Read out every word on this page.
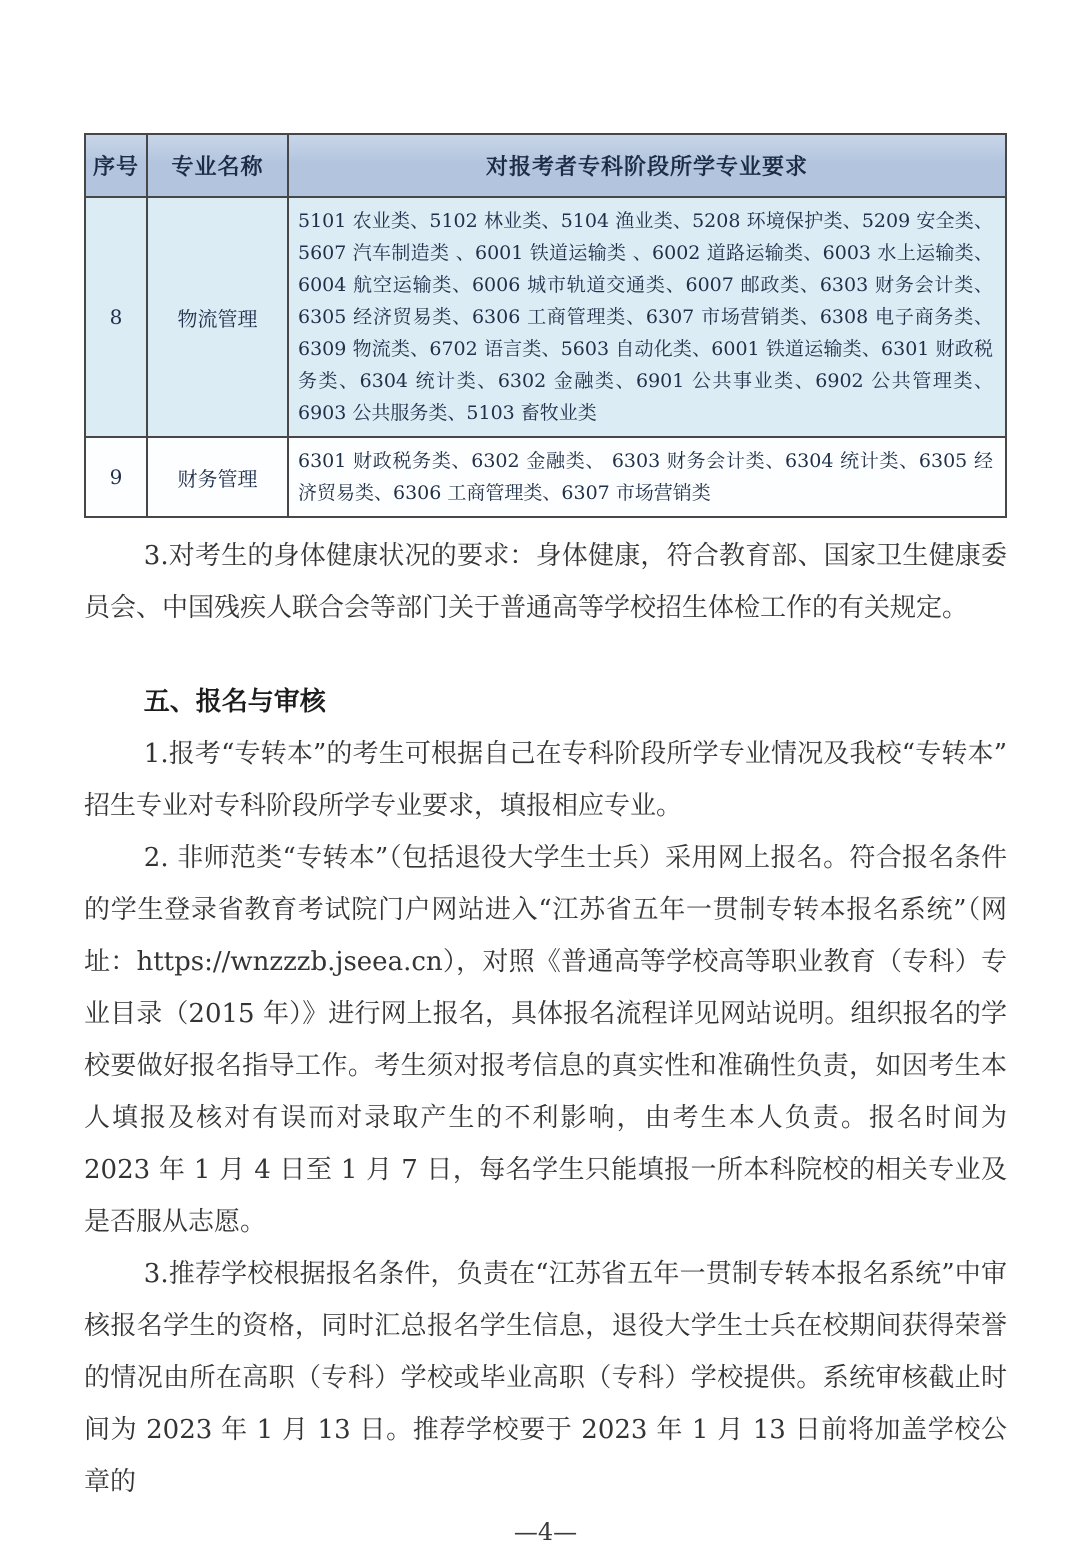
序号	专业名称	对报考者专科阶段所学专业要求
8	物流管理	5101 农业类、5102 林业类、5104 渔业类、5208 环境保护类、5209 安全类、5607 汽车制造类 、6001 铁道运输类 、6002 道路运输类、6003 水上运输类、6004 航空运输类、6006 城市轨道交通类、6007 邮政类、6303 财务会计类、6305 经济贸易类、6306 工商管理类、6307 市场营销类、6308 电子商务类、6309 物流类、6702 语言类、5603 自动化类、6001 铁道运输类、6301 财政税务类、6304 统计类、6302 金融类、6901 公共事业类、6902 公共管理类、6903 公共服务类、5103 畜牧业类
9	财务管理	6301 财政税务类、6302 金融类、 6303 财务会计类、6304 统计类、6305 经济贸易类、6306 工商管理类、6307 市场营销类

3.对考生的身体健康状况的要求：身体健康，符合教育部、国家卫生健康委员会、中国残疾人联合会等部门关于普通高等学校招生体检工作的有关规定。

五、报名与审核

1.报考“专转本”的考生可根据自己在专科阶段所学专业情况及我校“专转本”招生专业对专科阶段所学专业要求，填报相应专业。

2. 非师范类“专转本”（包括退役大学生士兵）采用网上报名。符合报名条件的学生登录省教育考试院门户网站进入“江苏省五年一贯制专转本报名系统”（网址：https://wnzzzb.jseea.cn），对照《普通高等学校高等职业教育（专科）专业目录（2015 年）》进行网上报名，具体报名流程详见网站说明。组织报名的学校要做好报名指导工作。考生须对报考信息的真实性和准确性负责，如因考生本人填报及核对有误而对录取产生的不利影响，由考生本人负责。报名时间为 2023 年 1 月 4 日至 1 月 7 日，每名学生只能填报一所本科院校的相关专业及是否服从志愿。

3.推荐学校根据报名条件，负责在“江苏省五年一贯制专转本报名系统”中审核报名学生的资格，同时汇总报名学生信息，退役大学生士兵在校期间获得荣誉的情况由所在高职（专科）学校或毕业高职（专科）学校提供。系统审核截止时间为 2023 年 1 月 13 日。推荐学校要于 2023 年 1 月 13 日前将加盖学校公章的

—4—
